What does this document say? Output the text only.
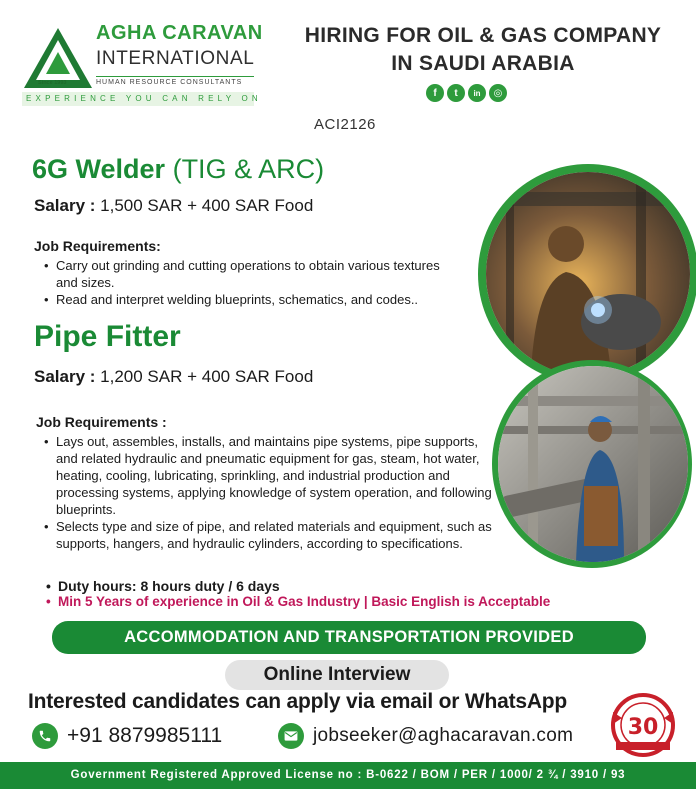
Since 1993
AGHA CARAVAN
INTERNATIONAL
HUMAN RESOURCE CONSULTANTS
EXPERIENCE YOU CAN RELY ON
HIRING FOR OIL & GAS COMPANY
IN SAUDI ARABIA
f	t	in	◎
ACI2126
6G Welder (TIG & ARC)
Salary : 1,500 SAR + 400 SAR Food
Job Requirements:
• Carry out grinding and cutting operations to obtain various textures and sizes.
• Read and interpret welding blueprints, schematics, and codes..
Pipe Fitter
Salary : 1,200 SAR + 400 SAR Food
Job Requirements :
• Lays out, assembles, installs, and maintains pipe systems, pipe supports, and related hydraulic and pneumatic equipment for gas, steam, hot water, heating, cooling, lubricating, sprinkling, and industrial production and processing systems, applying knowledge of system operation, and following blueprints.
• Selects type and size of pipe, and related materials and equipment, such as supports, hangers, and hydraulic cylinders, according to specifications.
• Duty hours: 8 hours duty / 6 days
• Min 5 Years of experience in Oil & Gas Industry | Basic English is Acceptable
ACCOMMODATION AND TRANSPORTATION PROVIDED
Online Interview
Interested candidates can apply via email or WhatsApp
+91 8879985111	jobseeker@aghacaravan.com 30
Government Registered Approved License no : B-0622 / BOM / PER / 1000/ 2 ¾ / 3910 / 93
